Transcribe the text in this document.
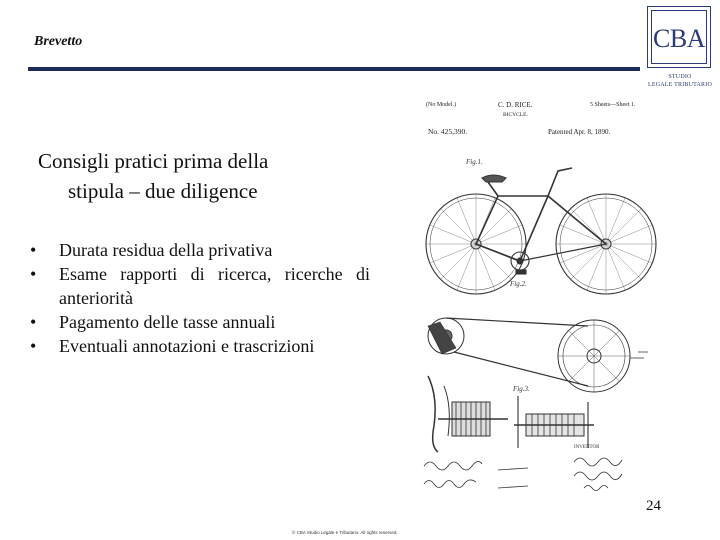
Brevetto	CBA
STUDIO
LEGALE TRIBUTARIO
Consigli pratici prima della
stipula – due diligence
• Durata residua della privativa
• Esame rapporti di ricerca, ricerche di anteriorità
• Pagamento delle tasse annuali
• Eventuali annotazioni e trascrizioni
(No Model.)	C. D. RICE.
BICYCLE.
5 Sheets—Sheet 1.
No. 425,390.	Patented Apr. 8, 1890.
Fig.1.
Fig.2.
Fig.3.
INVENTOR
24
© CBA Studio Legale e Tributario. All rights reserved.
